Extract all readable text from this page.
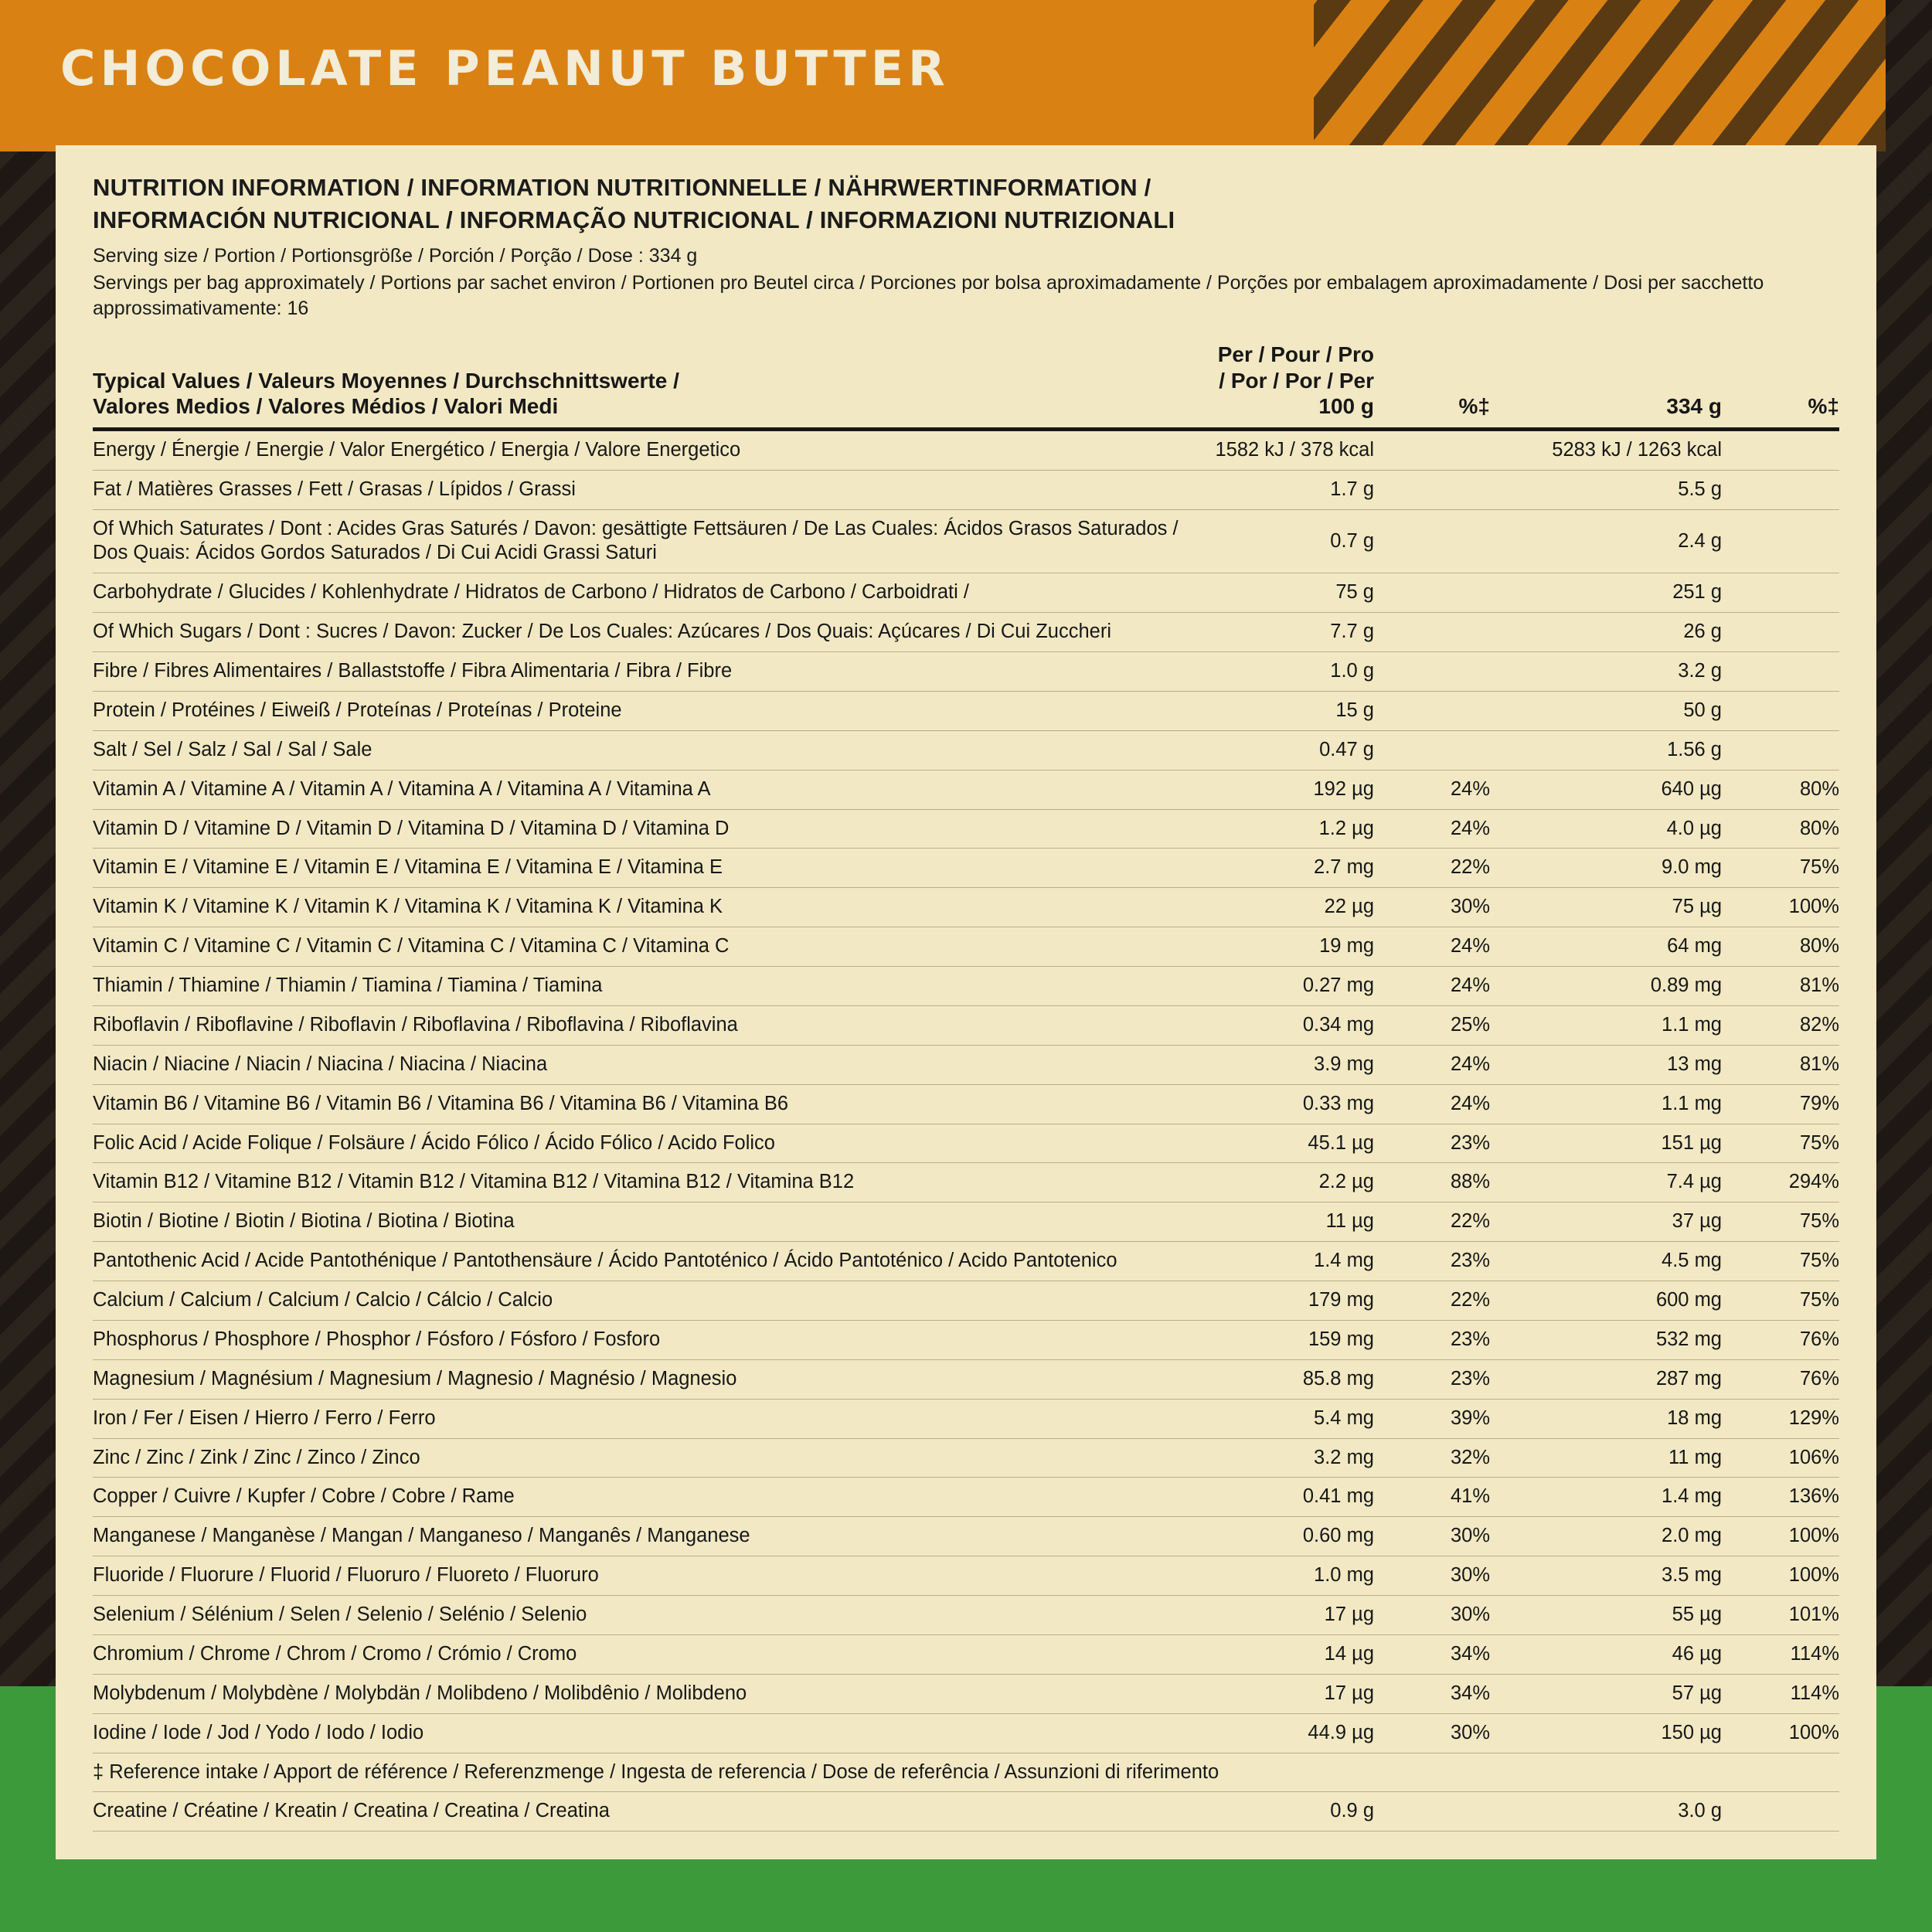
CHOCOLATE PEANUT BUTTER
NUTRITION INFORMATION / INFORMATION NUTRITIONNELLE / NÄHRWERTINFORMATION /
INFORMACIÓN NUTRICIONAL / INFORMAÇÃO NUTRICIONAL / INFORMAZIONI NUTRIZIONALI
Serving size / Portion / Portionsgröße / Porción / Porção / Dose : 334 g
Servings per bag approximately / Portions par sachet environ / Portionen pro Beutel circa / Porciones por bolsa aproximadamente / Porções por embalagem aproximadamente / Dosi per sacchetto approssimativamente: 16
Typical Values / Valeurs Moyennes / Durchschnittswerte /
Valores Medios / Valores Médios / Valori Medi

Per / Pour / Pro / Por / Por / Per
100 g	%‡	334 g	%‡
Energy / Énergie / Energie / Valor Energético / Energia / Valore Energetico	1582 kJ / 378 kcal		5283 kJ / 1263 kcal	
Fat / Matières Grasses / Fett / Grasas / Lípidos / Grassi	1.7 g		5.5 g	
Of Which Saturates / Dont : Acides Gras Saturés / Davon: gesättigte Fettsäuren / De Las Cuales: Ácidos Grasos Saturados / Dos Quais: Ácidos Gordos Saturados / Di Cui Acidi Grassi Saturi	0.7 g		2.4 g	
Carbohydrate / Glucides / Kohlenhydrate / Hidratos de Carbono / Hidratos de Carbono / Carboidrati /	75 g		251 g	
Of Which Sugars / Dont : Sucres / Davon: Zucker / De Los Cuales: Azúcares / Dos Quais: Açúcares / Di Cui Zuccheri	7.7 g		26 g	
Fibre / Fibres Alimentaires / Ballaststoffe / Fibra Alimentaria / Fibra / Fibre	1.0 g		3.2 g	
Protein / Protéines / Eiweiß / Proteínas / Proteínas / Proteine	15 g		50 g	
Salt / Sel / Salz / Sal / Sal / Sale	0.47 g		1.56 g	
Vitamin A / Vitamine A / Vitamin A / Vitamina A / Vitamina A / Vitamina A	192 µg	24%	640 µg	80%
Vitamin D / Vitamine D / Vitamin D / Vitamina D / Vitamina D / Vitamina D	1.2 µg	24%	4.0 µg	80%
Vitamin E / Vitamine E / Vitamin E / Vitamina E / Vitamina E / Vitamina E	2.7 mg	22%	9.0 mg	75%
Vitamin K / Vitamine K / Vitamin K / Vitamina K / Vitamina K / Vitamina K	22 µg	30%	75 µg	100%
Vitamin C / Vitamine C / Vitamin C / Vitamina C / Vitamina C / Vitamina C	19 mg	24%	64 mg	80%
Thiamin / Thiamine / Thiamin / Tiamina / Tiamina / Tiamina	0.27 mg	24%	0.89 mg	81%
Riboflavin / Riboflavine / Riboflavin / Riboflavina / Riboflavina / Riboflavina	0.34 mg	25%	1.1 mg	82%
Niacin / Niacine / Niacin / Niacina / Niacina / Niacina	3.9 mg	24%	13 mg	81%
Vitamin B6 / Vitamine B6 / Vitamin B6 / Vitamina B6 / Vitamina B6 / Vitamina B6	0.33 mg	24%	1.1 mg	79%
Folic Acid / Acide Folique / Folsäure / Ácido Fólico / Ácido Fólico / Acido Folico	45.1 µg	23%	151 µg	75%
Vitamin B12 / Vitamine B12 / Vitamin B12 / Vitamina B12 / Vitamina B12 / Vitamina B12	2.2 µg	88%	7.4 µg	294%
Biotin / Biotine / Biotin / Biotina / Biotina / Biotina	11 µg	22%	37 µg	75%
Pantothenic Acid / Acide Pantothénique / Pantothensäure / Ácido Pantoténico / Ácido Pantoténico / Acido Pantotenico	1.4 mg	23%	4.5 mg	75%
Calcium / Calcium / Calcium / Calcio / Cálcio / Calcio	179 mg	22%	600 mg	75%
Phosphorus / Phosphore / Phosphor / Fósforo / Fósforo / Fosforo	159 mg	23%	532 mg	76%
Magnesium / Magnésium / Magnesium / Magnesio / Magnésio / Magnesio	85.8 mg	23%	287 mg	76%
Iron / Fer / Eisen / Hierro / Ferro / Ferro	5.4 mg	39%	18 mg	129%
Zinc / Zinc / Zink / Zinc / Zinco / Zinco	3.2 mg	32%	11 mg	106%
Copper / Cuivre / Kupfer / Cobre / Cobre / Rame	0.41 mg	41%	1.4 mg	136%
Manganese / Manganèse / Mangan / Manganeso / Manganês / Manganese	0.60 mg	30%	2.0 mg	100%
Fluoride / Fluorure / Fluorid / Fluoruro / Fluoreto / Fluoruro	1.0 mg	30%	3.5 mg	100%
Selenium / Sélénium / Selen / Selenio / Selénio / Selenio	17 µg	30%	55 µg	101%
Chromium / Chrome / Chrom / Cromo / Crómio / Cromo	14 µg	34%	46 µg	114%
Molybdenum / Molybdène / Molybdän / Molibdeno / Molibdênio / Molibdeno	17 µg	34%	57 µg	114%
Iodine / Iode / Jod / Yodo / Iodo / Iodio	44.9 µg	30%	150 µg	100%
‡ Reference intake / Apport de référence / Referenzmenge / Ingesta de referencia / Dose de referência / Assunzioni di riferimento				
Creatine / Créatine / Kreatin / Creatina / Creatina / Creatina	0.9 g		3.0 g	
